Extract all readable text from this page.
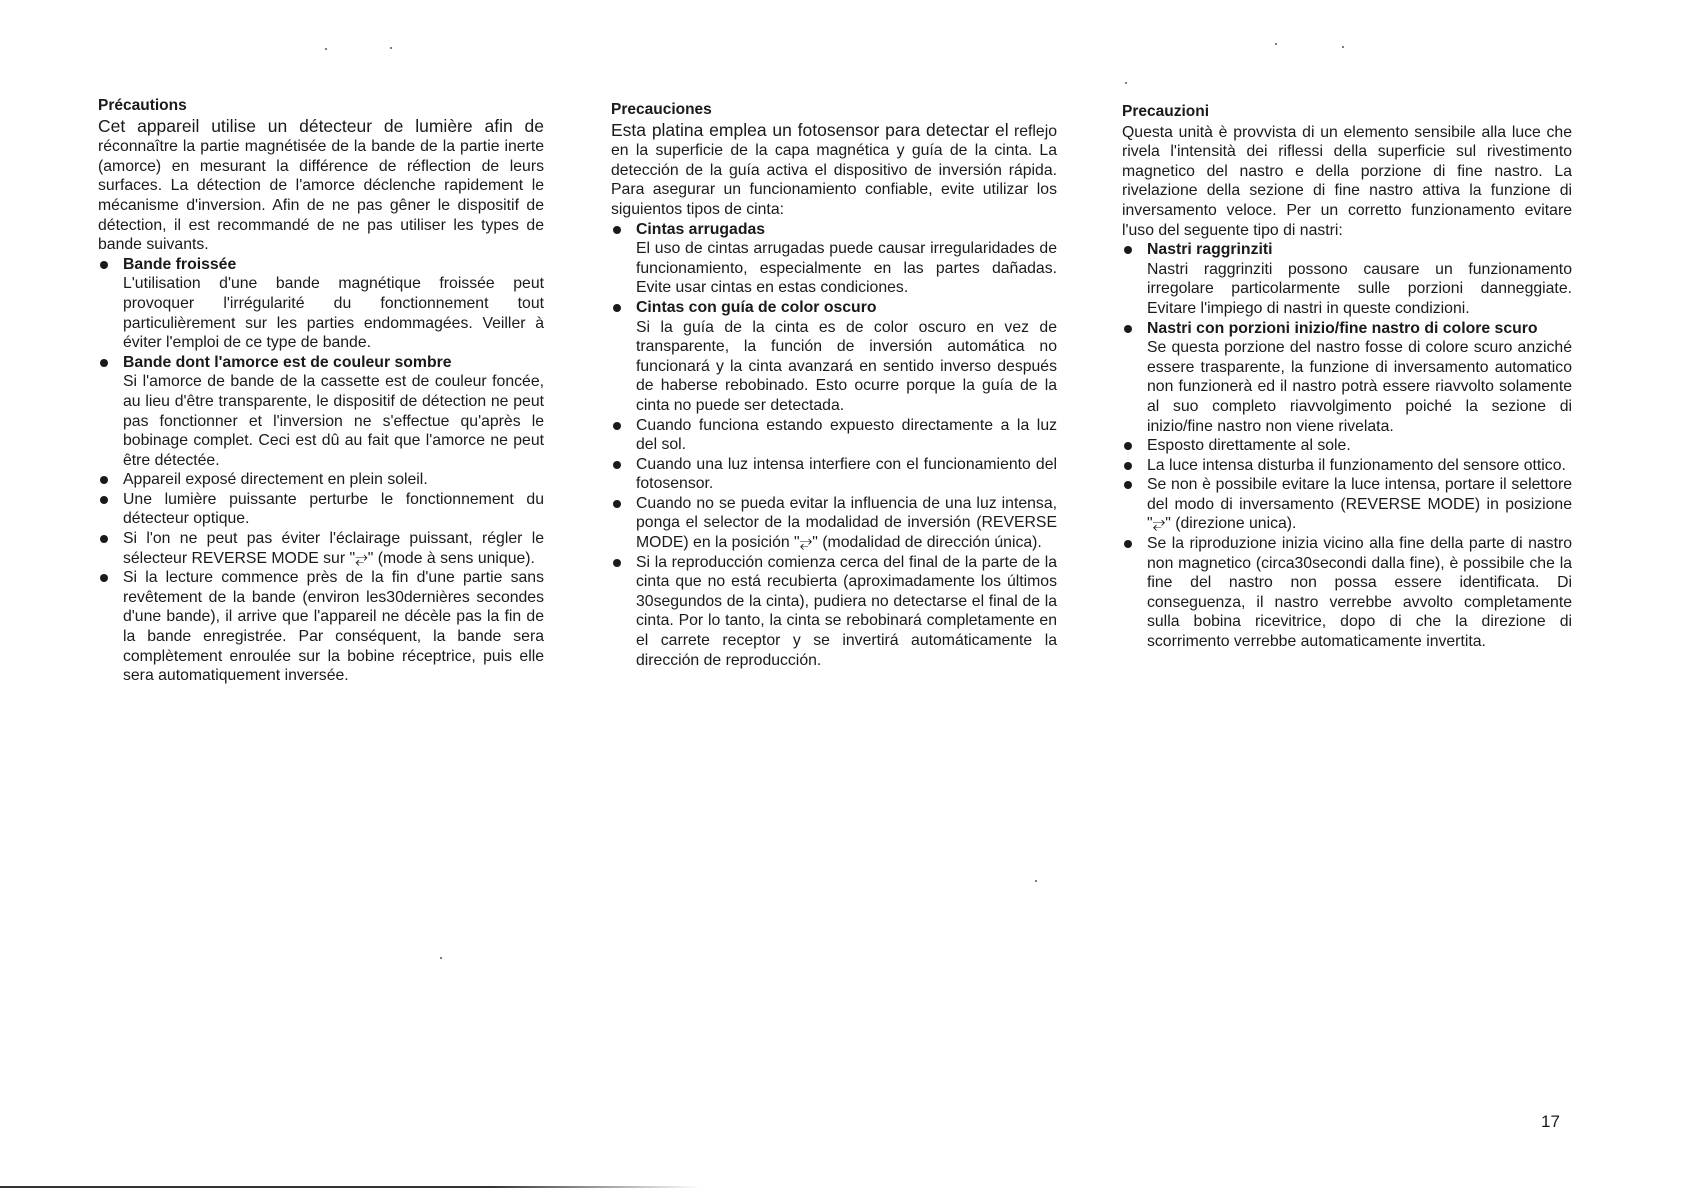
Précautions

Cet appareil utilise un détecteur de lumière afin de réconnaître la partie magnétisée de la bande de la partie inerte (amorce) en mesurant la différence de réflection de leurs surfaces. La détection de l'amorce déclenche rapidement le mécanisme d'inversion. Afin de ne pas gêner le dispositif de détection, il est recommandé de ne pas utiliser les types de bande suivants.

Bande froissée
L'utilisation d'une bande magnétique froissée peut provoquer l'irrégularité du fonctionnement tout particulièrement sur les parties endommagées. Veiller à éviter l'emploi de ce type de bande.
Bande dont l'amorce est de couleur sombre
Si l'amorce de bande de la cassette est de couleur foncée, au lieu d'être transparente, le dispositif de détection ne peut pas fonctionner et l'inversion ne s'effectue qu'après le bobinage complet. Ceci est dû au fait que l'amorce ne peut être détectée.
Appareil exposé directement en plein soleil.
Une lumière puissante perturbe le fonctionnement du détecteur optique.
Si l'on ne peut pas éviter l'éclairage puissant, régler le sélecteur REVERSE MODE sur "⥂" (mode à sens unique).
Si la lecture commence près de la fin d'une partie sans revêtement de la bande (environ les30dernières secondes d'une bande), il arrive que l'appareil ne décèle pas la fin de la bande enregistrée. Par conséquent, la bande sera complètement enroulée sur la bobine réceptrice, puis elle sera automatiquement inversée.
Precauciones

Esta platina emplea un fotosensor para detectar el reflejo en la superficie de la capa magnética y guía de la cinta. La detección de la guía activa el dispositivo de inversión rápida. Para asegurar un funcionamiento confiable, evite utilizar los siguientos tipos de cinta:

Cintas arrugadas
El uso de cintas arrugadas puede causar irregularidades de funcionamiento, especialmente en las partes dañadas. Evite usar cintas en estas condiciones.
Cintas con guía de color oscuro
Si la guía de la cinta es de color oscuro en vez de transparente, la función de inversión automática no funcionará y la cinta avanzará en sentido inverso después de haberse rebobinado. Esto ocurre porque la guía de la cinta no puede ser detectada.
Cuando funciona estando expuesto directamente a la luz del sol.
Cuando una luz intensa interfiere con el funcionamiento del fotosensor.
Cuando no se pueda evitar la influencia de una luz intensa, ponga el selector de la modalidad de inversión (REVERSE MODE) en la posición "⥂" (modalidad de dirección única).
Si la reproducción comienza cerca del final de la parte de la cinta que no está recubierta (aproximadamente los últimos 30segundos de la cinta), pudiera no detectarse el final de la cinta. Por lo tanto, la cinta se rebobinará completamente en el carrete receptor y se invertirá automáticamente la dirección de reproducción.
Precauzioni

Questa unità è provvista di un elemento sensibile alla luce che rivela l'intensità dei riflessi della superficie sul rivestimento magnetico del nastro e della porzione di fine nastro. La rivelazione della sezione di fine nastro attiva la funzione di inversamento veloce. Per un corretto funzionamento evitare l'uso del seguente tipo di nastri:

Nastri raggrinziti
Nastri raggrinziti possono causare un funzionamento irregolare particolarmente sulle porzioni danneggiate. Evitare l'impiego di nastri in queste condizioni.
Nastri con porzioni inizio/fine nastro di colore scuro
Se questa porzione del nastro fosse di colore scuro anziché essere trasparente, la funzione di inversamento automatico non funzionerà ed il nastro potrà essere riavvolto solamente al suo completo riavvolgimento poiché la sezione di inizio/fine nastro non viene rivelata.
Esposto direttamente al sole.
La luce intensa disturba il funzionamento del sensore ottico.
Se non è possibile evitare la luce intensa, portare il selettore del modo di inversamento (REVERSE MODE) in posizione "⥂" (direzione unica).
Se la riproduzione inizia vicino alla fine della parte di nastro non magnetico (circa30secondi dalla fine), è possibile che la fine del nastro non possa essere identificata. Di conseguenza, il nastro verrebbe avvolto completamente sulla bobina ricevitrice, dopo di che la direzione di scorrimento verrebbe automaticamente invertita.
17
